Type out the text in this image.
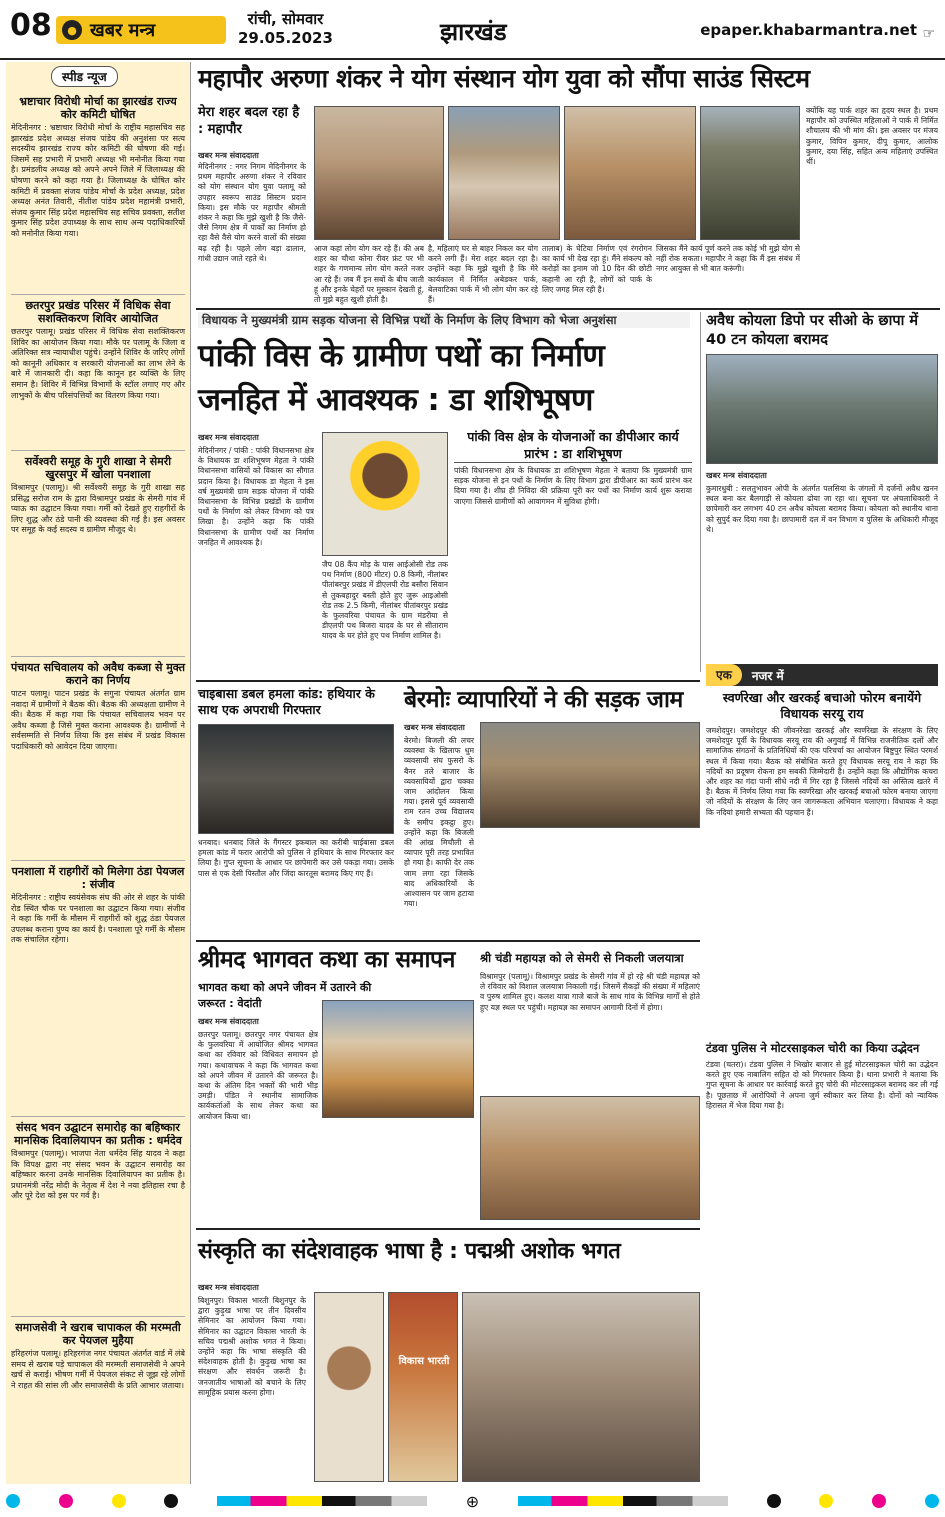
08	● खबर मन्त्र
रांची, सोमवार
29.05.2023	झारखंड	epaper.khabarmantra.net ☞
स्पीड न्यूज
भ्रष्टाचार विरोधी मोर्चा का झारखंड राज्य कोर कमिटी घोषित
मेदिनीनगर : भ्रष्टाचार विरोधी मोर्चा के राष्ट्रीय महासचिव सह झारखंड प्रदेश अध्यक्ष संजय पांडेय की अनुशंसा पर सत्य सदस्यीय झारखंड राज्य कोर कमिटी की घोषणा की गई। जिसमें सह प्रभारी में प्रभारी अध्यक्ष भी मनोनीत किया गया है। प्रमंडलीय अध्यक्ष को अपने अपने जिले में जिलाध्यक्ष की घोषणा करने को कहा गया है। जिलाध्यक्ष के घोषित कोर कमिटी में प्रवक्ता संजय पांडेय मोर्चा के प्रदेश अध्यक्ष, प्रदेश अध्यक्ष अनंत तिवारी, नीतीश पांडेय प्रदेश महामंत्री प्रभारी, संजय कुमार सिंह प्रदेश महासचिव सह सचिव प्रवक्ता, सतीश कुमार सिंह प्रदेश उपाध्यक्ष के साथ साथ अन्य पदाधिकारियों को मनोनीत किया गया।
छतरपुर प्रखंड परिसर में विधिक सेवा सशक्तिकरण शिविर आयोजित
छतरपुर पलामू। प्रखंड परिसर में विधिक सेवा सशक्तिकरण शिविर का आयोजन किया गया। मौके पर पलामू के जिला व अतिरिक्त सत्र न्यायाधीश पहुंचे। उन्होंने शिविर के जरिए लोगों को कानूनी अधिकार व सरकारी योजनाओं का लाभ लेने के बारे में जानकारी दी। कहा कि कानून हर व्यक्ति के लिए समान है। शिविर में विभिन्न विभागों के स्टॉल लगाए गए और लाभुकों के बीच परिसंपत्तियों का वितरण किया गया।
सर्वेश्वरी समूह के गुरी शाखा ने सेमरी खुरसपुर में खोला पनशाला
विश्रामपुर (पलामू)। श्री सर्वेश्वरी समूह के गुरी शाखा सह प्रसिद्ध सरोज राम के द्वारा विश्रामपुर प्रखंड के सेमरी गांव में प्याऊ का उद्घाटन किया गया। गर्मी को देखते हुए राहगीरों के लिए शुद्ध और ठंडे पानी की व्यवस्था की गई है। इस अवसर पर समूह के कई सदस्य व ग्रामीण मौजूद थे।
पंचायत सचिवालय को अवैध कब्जा से मुक्त कराने का निर्णय
पाटन पलामू। पाटन प्रखंड के सगुना पंचायत अंतर्गत ग्राम नवादा में ग्रामीणों ने बैठक की। बैठक की अध्यक्षता ग्रामीण ने की। बैठक में कहा गया कि पंचायत सचिवालय भवन पर अवैध कब्जा है जिसे मुक्त कराना आवश्यक है। ग्रामीणों ने सर्वसम्मति से निर्णय लिया कि इस संबंध में प्रखंड विकास पदाधिकारी को आवेदन दिया जाएगा।
पनशाला में राहगीरों को मिलेगा ठंडा पेयजल : संजीव
मेदिनीनगर : राष्ट्रीय स्वयंसेवक संघ की ओर से शहर के पांकी रोड स्थित चौक पर पनशाला का उद्घाटन किया गया। संजीव ने कहा कि गर्मी के मौसम में राहगीरों को शुद्ध ठंडा पेयजल उपलब्ध कराना पुण्य का कार्य है। पनशाला पूरे गर्मी के मौसम तक संचालित रहेगा।
संसद भवन उद्घाटन समारोह का बहिष्कार मानसिक दिवालियापन का प्रतीक : धर्मदेव
विश्रामपुर (पलामू)। भाजपा नेता धर्मदेव सिंह यादव ने कहा कि विपक्ष द्वारा नए संसद भवन के उद्घाटन समारोह का बहिष्कार करना उनके मानसिक दिवालियापन का प्रतीक है। प्रधानमंत्री नरेंद्र मोदी के नेतृत्व में देश ने नया इतिहास रचा है और पूरे देश को इस पर गर्व है।
समाजसेवी ने खराब चापाकल की मरम्मती कर पेयजल मुहैया
हरिहरगंज पलामू। हरिहरगंज नगर पंचायत अंतर्गत वार्ड में लंबे समय से खराब पड़े चापाकल की मरम्मती समाजसेवी ने अपने खर्च से कराई। भीषण गर्मी में पेयजल संकट से जूझ रहे लोगों ने राहत की सांस ली और समाजसेवी के प्रति आभार जताया।
महापौर अरुणा शंकर ने योग संस्थान योग युवा को सौंपा साउंड सिस्टम
मेरा शहर बदल रहा है : महापौर
खबर मन्त्र संवाददाता
मेदिनीनगर : नगर निगम मेदिनीनगर के प्रथम महापौर अरुणा शंकर ने रविवार को योग संस्थान योग युवा पलामू को उपहार स्वरूप साउंड सिस्टम प्रदान किया। इस मौके पर महापौर श्रीमती शंकर ने कहा कि मुझे खुशी है कि जैसे-जैसे निगम क्षेत्र में पार्कों का निर्माण हो रहा वैसे वैसे योग करने वालों की संख्या बढ़ रही है। पहले लोग बड़ा ढालान, गांधी उद्यान जाते रहते थे।
आज कहां लोग योग कर रहे हैं। की अब शहर का चौथा कोना रीवर फ्रंट पर भी शहर के गणमान्य लोग योग करते नजर आ रहे हैं। जब मैं इन सबों के बीच जाती हूं और इनके चेहरों पर मुस्कान देखती हूं, तो मुझे बहुत खुशी होती है।
है, महिलाएं घर से बाहर निकल कर योग करने लगी हैं। मेरा शहर बदल रहा है। उन्होंने कहा कि मुझे खुशी है कि मेरे कार्यकाल में निर्मित अबेडकर पार्क, बेलवाटिका पार्क में भी लोग योग कर रहे हैं।
तालाब) के घेटिया निर्माण एवं रंगरोगन का कार्य भी देख रहा हूं। मैंने संकल्प को करोड़ों का इनाम जो 10 दिन की छोटी कहानी आ रही है, लोगों को पार्क के लिए जगह मिल रही है।
जिसका मैंने कार्य पूर्ण करने तक कोई भी मुझे योग से नहीं रोक सकता। महापौर ने कहा कि मैं इस संबंध में नगर आयुक्त से भी बात करूंगी।
क्योंकि यह पार्क शहर का हृदय स्थल है। प्रथम महापौर को उपस्थित महिलाओं ने पार्क में निर्मित शौचालय की भी मांग की। इस अवसर पर मंजय कुमार, विपिन कुमार, दीपू कुमार, आलोक कुमार, दया सिंह, सहित अन्य महिलाएं उपस्थित थीं।
विधायक ने मुख्यमंत्री ग्राम सड़क योजना से विभिन्न पथों के निर्माण के लिए विभाग को भेजा अनुशंसा
पांकी विस के ग्रामीण पथों का निर्माण जनहित में आवश्यक : डा शशिभूषण
खबर मन्त्र संवाददाता
मेदिनीनगर / पांकी : पांकी विधानसभा क्षेत्र के विधायक डा शशिभूषण मेहता ने पांकी विधानसभा वासियों को विकास का सौगात प्रदान किया है। विधायक डा मेहता ने इस वर्ष मुख्यमंत्री ग्राम सड़क योजना में पांकी विधानसभा के विभिन्न प्रखंडों के ग्रामीण पथों के निर्माण को लेकर विभाग को पत्र लिखा है। उन्होंने कहा कि पांकी विधानसभा के ग्रामीण पथों का निर्माण जनहित में आवश्यक है।
जैप 08 कैंप मोड़ के पास आईओसी रोड तक पथ निर्माण (800 मीटर) 0.8 किमी, नीलांबर पीतांबरपुर प्रखंड में डीएलपी रोड बसौरा सिवान से तुकबहादुर बस्ती होते हुए जुरू आइओसी रोड तक 2.5 किमी, नीलांबर पीतांबरपुर प्रखंड के फुलवरिया पंचायत के ग्राम मंडरीया से डीएलपी पथ बिजरा यादव के घर से सीताराम यादव के घर होते हुए पथ निर्माण शामिल है।
पांकी विस क्षेत्र के योजनाओं का डीपीआर कार्य प्रारंभ : डा शशिभूषण
पांकी विधानसभा क्षेत्र के विधायक डा शशिभूषण मेहता ने बताया कि मुख्यमंत्री ग्राम सड़क योजना से इन पथों के निर्माण के लिए विभाग द्वारा डीपीआर का कार्य प्रारंभ कर दिया गया है। शीघ्र ही निविदा की प्रक्रिया पूरी कर पथों का निर्माण कार्य शुरू कराया जाएगा जिससे ग्रामीणों को आवागमन में सुविधा होगी।
अवैध कोयला डिपो पर सीओ के छापा में 40 टन कोयला बरामद
खबर मन्त्र संवाददाता
कुमारधुबी : सलतुभावन ओपी के अंतर्गत पलसिया के जंगलों में दर्जनों अवैध खनन स्थल बना कर बैलगाड़ी से कोयला ढोया जा रहा था। सूचना पर अंचलाधिकारी ने छापेमारी कर लगभग 40 टन अवैध कोयला बरामद किया। कोयला को स्थानीय थाना को सुपुर्द कर दिया गया है। छापामारी दल में वन विभाग व पुलिस के अधिकारी मौजूद थे।
एक	नजर में
स्वर्णरेखा और खरकई बचाओ फोरम बनायेंगे विधायक सरयू राय
जमशेदपुर। जमशेदपुर की जीवनरेखा खरकई और स्वर्णरेखा के संरक्षण के लिए जमशेदपुर पूर्वी के विधायक सरयू राय की अगुवाई में विभिन्न राजनीतिक दलों और सामाजिक संगठनों के प्रतिनिधियों की एक परिचर्चा का आयोजन बिष्टुपुर स्थित परमर्श स्थल में किया गया। बैठक को संबोधित करते हुए विधायक सरयू राय ने कहा कि नदियों का प्रदूषण रोकना हम सबकी जिम्मेदारी है। उन्होंने कहा कि औद्योगिक कचरा और शहर का गंदा पानी सीधे नदी में गिर रहा है जिससे नदियों का अस्तित्व खतरे में है। बैठक में निर्णय लिया गया कि स्वर्णरेखा और खरकई बचाओ फोरम बनाया जाएगा जो नदियों के संरक्षण के लिए जन जागरूकता अभियान चलाएगा। विधायक ने कहा कि नदियां हमारी सभ्यता की पहचान हैं।
टंडवा पुलिस ने मोटरसाइकल चोरी का किया उद्भेदन
टंडवा (चतरा)। टंडवा पुलिस ने भिखोर बाजार से हुई मोटरसाइकल चोरी का उद्भेदन करते हुए एक नाबालिग सहित दो को गिरफ्तार किया है। थाना प्रभारी ने बताया कि गुप्त सूचना के आधार पर कार्रवाई करते हुए चोरी की मोटरसाइकल बरामद कर ली गई है। पूछताछ में आरोपियों ने अपना जुर्म स्वीकार कर लिया है। दोनों को न्यायिक हिरासत में भेज दिया गया है।
चाइबासा डबल हमला कांड: हथियार के साथ एक अपराधी गिरफ्तार
धनबाद। धनबाद जिले के गैंगस्टर इकबाल का करीबी चाईबासा डबल हमला कांड में फरार आरोपी को पुलिस ने हथियार के साथ गिरफ्तार कर लिया है। गुप्त सूचना के आधार पर छापेमारी कर उसे पकड़ा गया। उसके पास से एक देसी पिस्तौल और जिंदा कारतूस बरामद किए गए हैं।
बेरमोः व्यापारियों ने की सड़क जाम
खबर मन्त्र संवाददाता
बेरमो। बिजली की लचर व्यवस्था के खिलाफ धुम व्यवसायी संघ फुसरो के बैनर तले बाजार के व्यवसायियों द्वारा चक्का जाम आंदोलन किया गया। इससे पूर्व व्यवसायी राम रतन उच्च विद्यालय के समीप इकट्ठा हुए। उन्होंने कहा कि बिजली की आंख मिचौली से व्यापार पूरी तरह प्रभावित हो गया है। काफी देर तक जाम लगा रहा जिसके बाद अधिकारियों के आश्वासन पर जाम हटाया गया।
श्रीमद भागवत कथा का समापन
भागवत कथा को अपने जीवन में उतारने की जरूरत : वेदांती
खबर मन्त्र संवाददाता
छतरपुर पलामू। छतरपुर नगर पंचायत क्षेत्र के फुलवरिया में आयोजित श्रीमद भागवत कथा का रविवार को विधिवत समापन हो गया। कथावाचक ने कहा कि भागवत कथा को अपने जीवन में उतारने की जरूरत है। कथा के अंतिम दिन भक्तों की भारी भीड़ उमड़ी। पंडित ने स्थानीय सामाजिक कार्यकर्ताओं के साथ लेकर कथा का आयोजन किया था।
श्री चंडी महायज्ञ को ले सेमरी से निकली जलयात्रा
विश्रामपुर (पलामू)। विश्रामपुर प्रखंड के सेमरी गांव में हो रहे श्री चंडी महायज्ञ को ले रविवार को विशाल जलयात्रा निकाली गई। जिसमें सैकड़ों की संख्या में महिलाएं व पुरुष शामिल हुए। कलश यात्रा गाजे बाजे के साथ गांव के विभिन्न मार्गों से होते हुए यज्ञ स्थल पर पहुंची। महायज्ञ का समापन आगामी दिनों में होगा।
संस्कृति का संदेशवाहक भाषा है : पद्मश्री अशोक भगत
खबर मन्त्र संवाददाता
बिशुनपुर। विकास भारती बिशुनपुर के द्वारा कुड़ुख भाषा पर तीन दिवसीय सेमिनार का आयोजन किया गया। सेमिनार का उद्घाटन विकास भारती के सचिव पद्मश्री अशोक भगत ने किया। उन्होंने कहा कि भाषा संस्कृति की संदेशवाहक होती है। कुड़ुख भाषा का संरक्षण और संवर्धन जरूरी है। जनजातीय भाषाओं को बचाने के लिए सामूहिक प्रयास करना होगा।
विकास भारती
⊕
